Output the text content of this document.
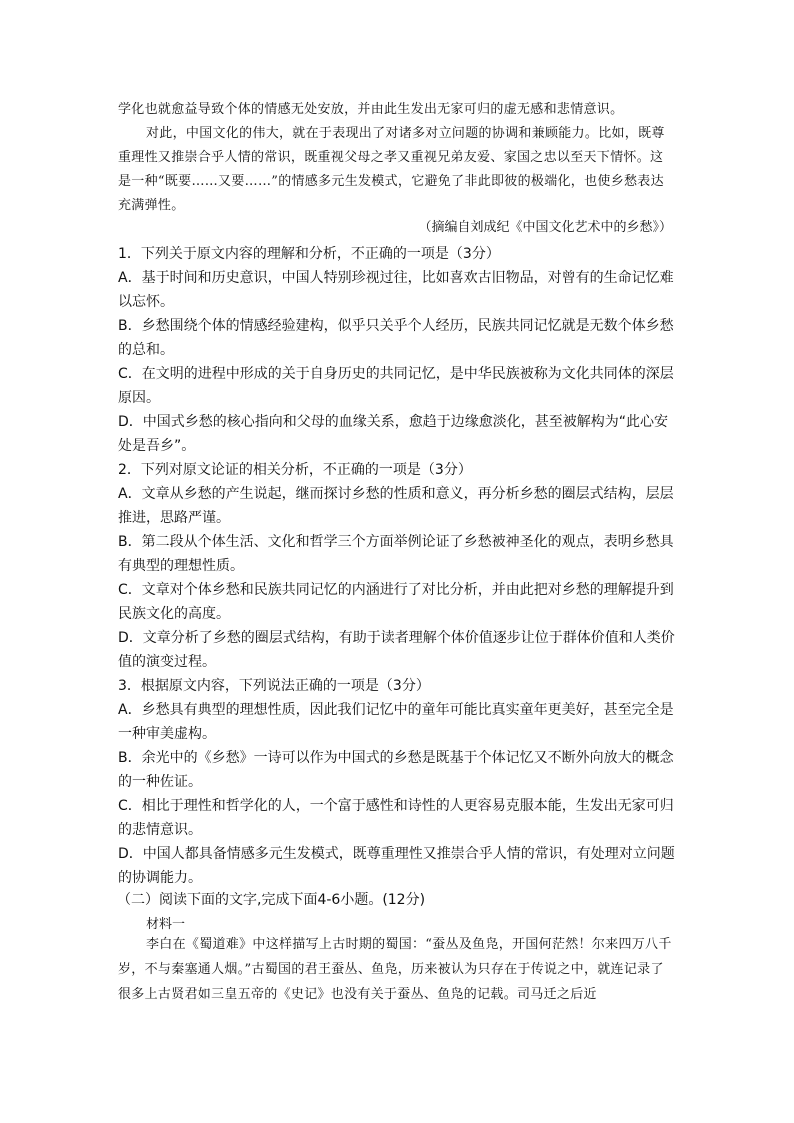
学化也就愈益导致个体的情感无处安放，并由此生发出无家可归的虚无感和悲情意识。

对此，中国文化的伟大，就在于表现出了对诸多对立问题的协调和兼顾能力。比如，既尊重理性又推崇合乎人情的常识，既重视父母之孝又重视兄弟友爱、家国之忠以至天下情怀。这是一种“既要……又要……”的情感多元生发模式，它避免了非此即彼的极端化，也使乡愁表达充满弹性。

（摘编自刘成纪《中国文化艺术中的乡愁》）

1．下列关于原文内容的理解和分析，不正确的一项是（3分）

A．基于时间和历史意识，中国人特别珍视过往，比如喜欢古旧物品，对曾有的生命记忆难以忘怀。

B．乡愁围绕个体的情感经验建构，似乎只关乎个人经历，民族共同记忆就是无数个体乡愁的总和。

C．在文明的进程中形成的关于自身历史的共同记忆，是中华民族被称为文化共同体的深层原因。

D．中国式乡愁的核心指向和父母的血缘关系，愈趋于边缘愈淡化，甚至被解构为“此心安处是吾乡”。

2．下列对原文论证的相关分析，不正确的一项是（3分）

A．文章从乡愁的产生说起，继而探讨乡愁的性质和意义，再分析乡愁的圈层式结构，层层推进，思路严谨。

B．第二段从个体生活、文化和哲学三个方面举例论证了乡愁被神圣化的观点，表明乡愁具有典型的理想性质。

C．文章对个体乡愁和民族共同记忆的内涵进行了对比分析，并由此把对乡愁的理解提升到民族文化的高度。

D．文章分析了乡愁的圈层式结构，有助于读者理解个体价值逐步让位于群体价值和人类价值的演变过程。

3．根据原文内容，下列说法正确的一项是（3分）

A．乡愁具有典型的理想性质，因此我们记忆中的童年可能比真实童年更美好，甚至完全是一种审美虚构。

B．余光中的《乡愁》一诗可以作为中国式的乡愁是既基于个体记忆又不断外向放大的概念的一种佐证。

C．相比于理性和哲学化的人，一个富于感性和诗性的人更容易克服本能，生发出无家可归的悲情意识。

D．中国人都具备情感多元生发模式，既尊重理性又推崇合乎人情的常识，有处理对立问题的协调能力。

（二）阅读下面的文字,完成下面4-6小题。(12分)
材料一

李白在《蜀道难》中这样描写上古时期的蜀国：“蚕丛及鱼凫，开国何茫然！尔来四万八千岁，不与秦塞通人烟。”古蜀国的君王蚕丛、鱼凫，历来被认为只存在于传说之中，就连记录了很多上古贤君如三皇五帝的《史记》也没有关于蚕丛、鱼凫的记载。司马迁之后近
